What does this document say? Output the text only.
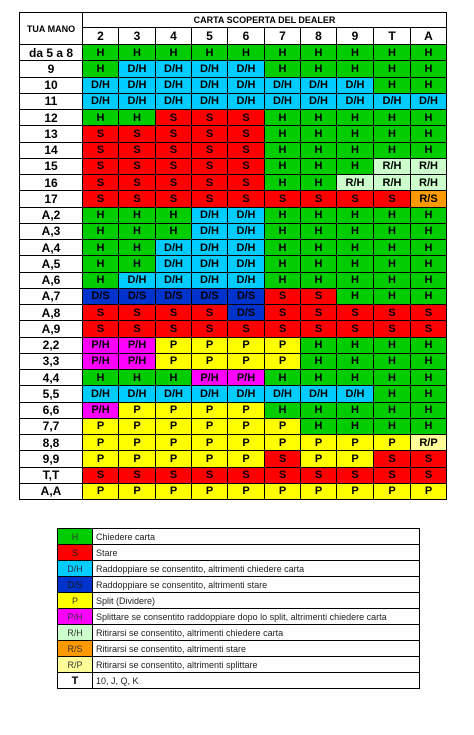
TUA MANO	CARTA SCOPERTA DEL DEALER									
	2	3	4	5	6	7	8	9	T	A
da 5 a 8	H	H	H	H	H	H	H	H	H	H
9	H	D/H	D/H	D/H	D/H	H	H	H	H	H
10	D/H	D/H	D/H	D/H	D/H	D/H	D/H	D/H	H	H
11	D/H	D/H	D/H	D/H	D/H	D/H	D/H	D/H	D/H	D/H
12	H	H	S	S	S	H	H	H	H	H
13	S	S	S	S	S	H	H	H	H	H
14	S	S	S	S	S	H	H	H	H	H
15	S	S	S	S	S	H	H	H	R/H	R/H
16	S	S	S	S	S	H	H	R/H	R/H	R/H
17	S	S	S	S	S	S	S	S	S	R/S
A,2	H	H	H	D/H	D/H	H	H	H	H	H
A,3	H	H	H	D/H	D/H	H	H	H	H	H
A,4	H	H	D/H	D/H	D/H	H	H	H	H	H
A,5	H	H	D/H	D/H	D/H	H	H	H	H	H
A,6	H	D/H	D/H	D/H	D/H	H	H	H	H	H
A,7	D/S	D/S	D/S	D/S	D/S	S	S	H	H	H
A,8	S	S	S	S	D/S	S	S	S	S	S
A,9	S	S	S	S	S	S	S	S	S	S
2,2	P/H	P/H	P	P	P	P	H	H	H	H
3,3	P/H	P/H	P	P	P	P	H	H	H	H
4,4	H	H	H	P/H	P/H	H	H	H	H	H
5,5	D/H	D/H	D/H	D/H	D/H	D/H	D/H	D/H	H	H
6,6	P/H	P	P	P	P	H	H	H	H	H
7,7	P	P	P	P	P	P	H	H	H	H
8,8	P	P	P	P	P	P	P	P	P	R/P
9,9	P	P	P	P	P	S	P	P	S	S
T,T	S	S	S	S	S	S	S	S	S	S
A,A	P	P	P	P	P	P	P	P	P	P
H	Chiedere carta
S	Stare
D/H	Raddoppiare se consentito, altrimenti chiedere carta
D/S	Raddoppiare se consentito, altrimenti stare
P	Split (Dividere)
P/H	Splittare se consentito raddoppiare dopo lo split, altrimenti chiedere carta
R/H	Ritirarsi se consentito, altrimenti chiedere carta
R/S	Ritirarsi se consentito, altrimenti stare
R/P	Ritirarsi se consentito, altrimenti splittare
T	10, J, Q, K
